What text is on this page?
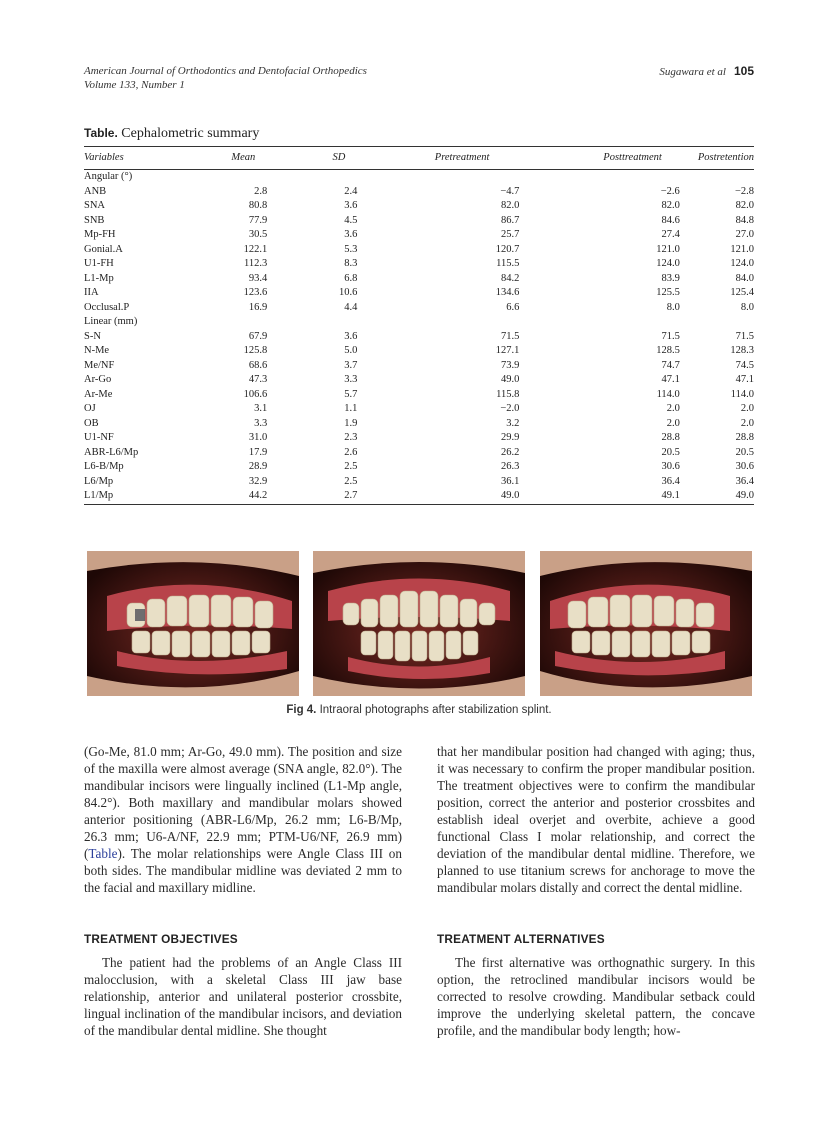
American Journal of Orthodontics and Dentofacial Orthopedics
Volume 133, Number 1
Sugawara et al 105
Table. Cephalometric summary
Variables	Mean	SD	Pretreatment	Posttreatment	Postretention
Angular (°)					
ANB	2.8	2.4	−4.7	−2.6	−2.8
SNA	80.8	3.6	82.0	82.0	82.0
SNB	77.9	4.5	86.7	84.6	84.8
Mp-FH	30.5	3.6	25.7	27.4	27.0
Gonial.A	122.1	5.3	120.7	121.0	121.0
U1-FH	112.3	8.3	115.5	124.0	124.0
L1-Mp	93.4	6.8	84.2	83.9	84.0
IIA	123.6	10.6	134.6	125.5	125.4
Occlusal.P	16.9	4.4	6.6	8.0	8.0
Linear (mm)					
S-N	67.9	3.6	71.5	71.5	71.5
N-Me	125.8	5.0	127.1	128.5	128.3
Me/NF	68.6	3.7	73.9	74.7	74.5
Ar-Go	47.3	3.3	49.0	47.1	47.1
Ar-Me	106.6	5.7	115.8	114.0	114.0
OJ	3.1	1.1	−2.0	2.0	2.0
OB	3.3	1.9	3.2	2.0	2.0
U1-NF	31.0	2.3	29.9	28.8	28.8
ABR-L6/Mp	17.9	2.6	26.2	20.5	20.5
L6-B/Mp	28.9	2.5	26.3	30.6	30.6
L6/Mp	32.9	2.5	36.1	36.4	36.4
L1/Mp	44.2	2.7	49.0	49.1	49.0
Fig 4. Intraoral photographs after stabilization splint.
(Go-Me, 81.0 mm; Ar-Go, 49.0 mm). The position and size of the maxilla were almost average (SNA angle, 82.0°). The mandibular incisors were lingually inclined (L1-Mp angle, 84.2°). Both maxillary and mandibular molars showed anterior positioning (ABR-L6/Mp, 26.2 mm; L6-B/Mp, 26.3 mm; U6-A/NF, 22.9 mm; PTM-U6/NF, 26.9 mm) (Table). The molar relationships were Angle Class III on both sides. The mandibular midline was deviated 2 mm to the facial and maxillary midline.
that her mandibular position had changed with aging; thus, it was necessary to confirm the proper mandibular position. The treatment objectives were to confirm the mandibular position, correct the anterior and posterior crossbites and establish ideal overjet and overbite, achieve a good functional Class I molar relationship, and correct the deviation of the mandibular dental midline. Therefore, we planned to use titanium screws for anchorage to move the mandibular molars distally and correct the dental midline.
TREATMENT OBJECTIVES	TREATMENT ALTERNATIVES
The patient had the problems of an Angle Class III malocclusion, with a skeletal Class III jaw base relationship, anterior and unilateral posterior crossbite, lingual inclination of the mandibular incisors, and deviation of the mandibular dental midline. She thought
The first alternative was orthognathic surgery. In this option, the retroclined mandibular incisors would be corrected to resolve crowding. Mandibular setback could improve the underlying skeletal pattern, the concave profile, and the mandibular body length; how-
